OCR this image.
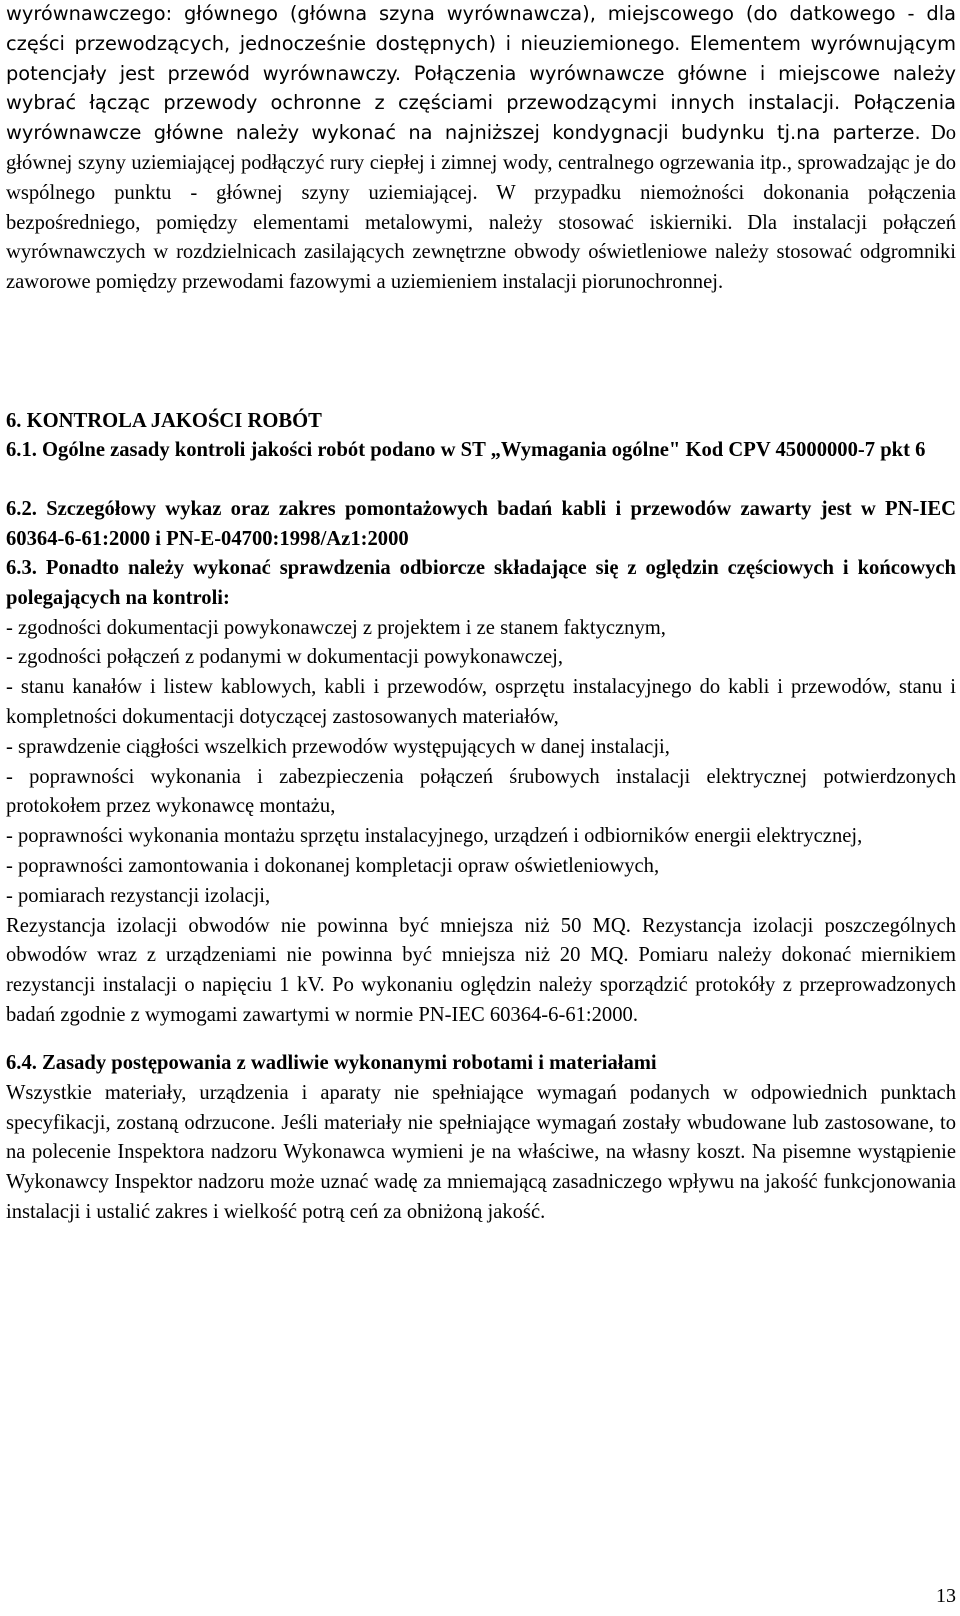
wyrównawczego: głównego (główna szyna wyrównawcza), miejscowego (do datkowego - dla części przewodzących, jednocześnie dostępnych) i nieuziemionego. Elementem wyrównującym potencjały jest przewód wyrównawczy. Połączenia wyrównawcze główne i miejscowe należy wybrać łącząc przewody ochronne z częściami przewodzącymi innych instalacji. Połączenia wyrównawcze główne należy wykonać na najniższej kondygnacji budynku tj.na parterze. Do głównej szyny uziemiającej podłączyć rury ciepłej i zimnej wody, centralnego ogrzewania itp., sprowadzając je do wspólnego punktu - głównej szyny uziemiającej. W przypadku niemożności dokonania połączenia bezpośredniego, pomiędzy elementami metalowymi, należy stosować iskierniki. Dla instalacji połączeń wyrównawczych w rozdzielnicach zasilających zewnętrzne obwody oświetleniowe należy stosować odgromniki zaworowe pomiędzy przewodami fazowymi a uziemieniem instalacji piorunochronnej.

6. KONTROLA JAKOŚCI ROBÓT

6.1. Ogólne zasady kontroli jakości robót podano w ST „Wymagania ogólne" Kod CPV 45000000-7 pkt 6

6.2. Szczegółowy wykaz oraz zakres pomontażowych badań kabli i przewodów zawarty jest w PN-IEC 60364-6-61:2000 i PN-E-04700:1998/Az1:2000

6.3. Ponadto należy wykonać sprawdzenia odbiorcze składające się z oględzin częściowych i końcowych polegających na kontroli:

- zgodności dokumentacji powykonawczej z projektem i ze stanem faktycznym,

- zgodności połączeń z podanymi w dokumentacji powykonawczej,

- stanu kanałów i listew kablowych, kabli i przewodów, osprzętu instalacyjnego do kabli i przewodów, stanu i kompletności dokumentacji dotyczącej zastosowanych materiałów,

- sprawdzenie ciągłości wszelkich przewodów występujących w danej instalacji,

- poprawności wykonania i zabezpieczenia połączeń śrubowych instalacji elektrycznej potwierdzonych protokołem przez wykonawcę montażu,

- poprawności wykonania montażu sprzętu instalacyjnego, urządzeń i odbiorników energii elektrycznej,

- poprawności zamontowania i dokonanej kompletacji opraw oświetleniowych,

- pomiarach rezystancji izolacji,

Rezystancja izolacji obwodów nie powinna być mniejsza niż 50 MQ. Rezystancja izolacji poszczególnych obwodów wraz z urządzeniami nie powinna być mniejsza niż 20 MQ. Pomiaru należy dokonać miernikiem rezystancji instalacji o napięciu 1 kV. Po wykonaniu oględzin należy sporządzić protokóły z przeprowadzonych badań zgodnie z wymogami zawartymi w normie PN-IEC 60364-6-61:2000.

6.4. Zasady postępowania z wadliwie wykonanymi robotami i materiałami

Wszystkie materiały, urządzenia i aparaty nie spełniające wymagań podanych w odpowiednich punktach specyfikacji, zostaną odrzucone. Jeśli materiały nie spełniające wymagań zostały wbudowane lub zastosowane, to na polecenie Inspektora nadzoru Wykonawca wymieni je na właściwe, na własny koszt. Na pisemne wystąpienie Wykonawcy Inspektor nadzoru może uznać wadę za mniemającą zasadniczego wpływu na jakość funkcjonowania instalacji i ustalić zakres i wielkość potrą ceń za obniżoną jakość.

13
